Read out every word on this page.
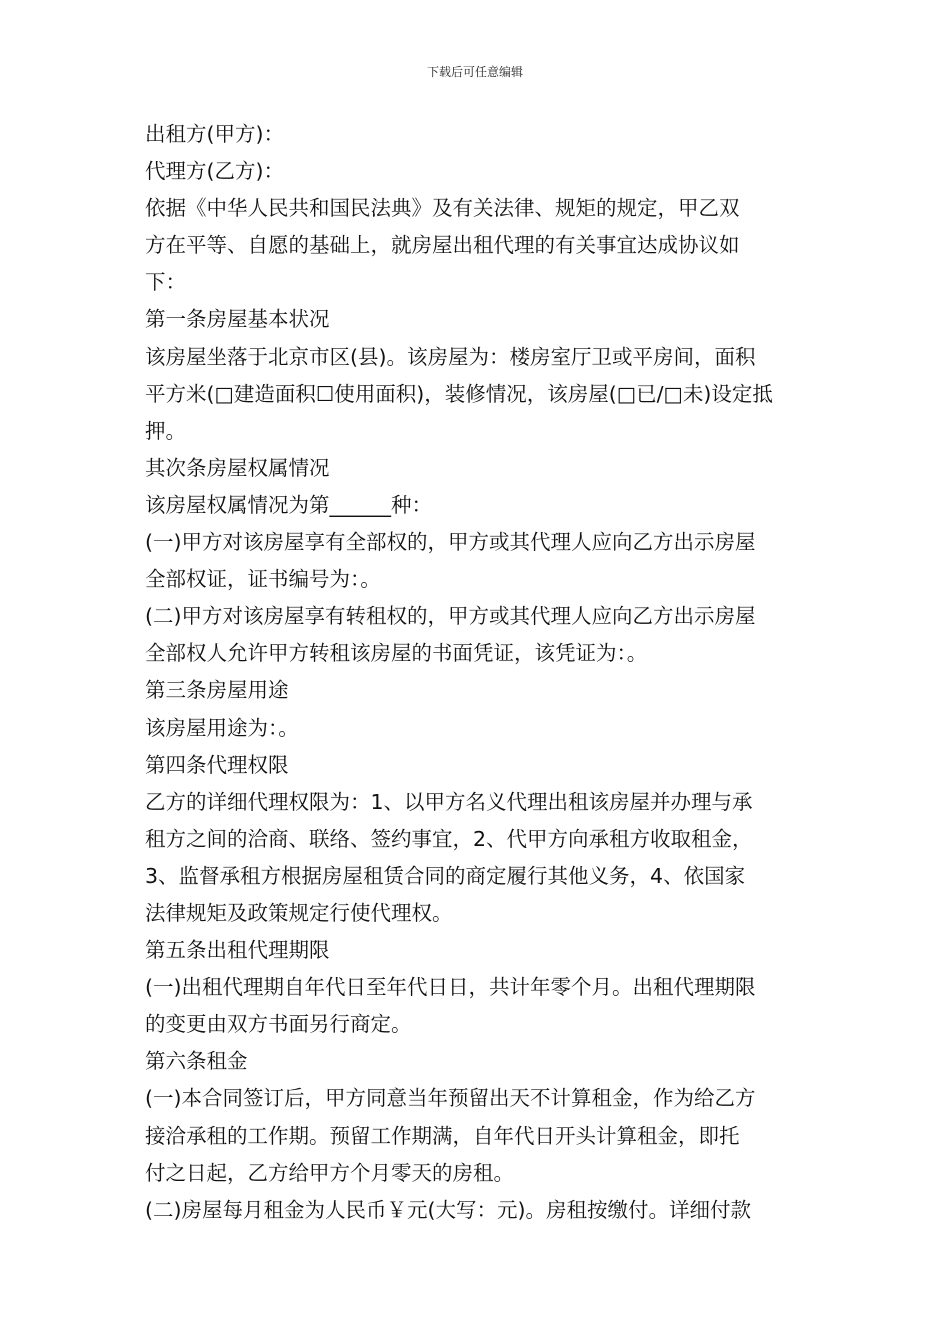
下载后可任意编辑
出租方(甲方)：
代理方(乙方)：
依据《中华人民共和国民法典》及有关法律、规矩的规定，甲乙双
方在平等、自愿的基础上，就房屋出租代理的有关事宜达成协议如
下：
第一条房屋基本状况
该房屋坐落于北京市区(县)。该房屋为：楼房室厅卫或平房间，面积
平方米(□建造面积☐使用面积)，装修情况，该房屋(□已/□未)设定抵
押。
其次条房屋权属情况
该房屋权属情况为第______种：
(一)甲方对该房屋享有全部权的，甲方或其代理人应向乙方出示房屋
全部权证，证书编号为：。
(二)甲方对该房屋享有转租权的，甲方或其代理人应向乙方出示房屋
全部权人允许甲方转租该房屋的书面凭证，该凭证为：。
第三条房屋用途
该房屋用途为：。
第四条代理权限
乙方的详细代理权限为：1、以甲方名义代理出租该房屋并办理与承
租方之间的洽商、联络、签约事宜，2、代甲方向承租方收取租金，
3、监督承租方根据房屋租赁合同的商定履行其他义务，4、依国家
法律规矩及政策规定行使代理权。
第五条出租代理期限
(一)出租代理期自年代日至年代日日，共计年零个月。出租代理期限
的变更由双方书面另行商定。
第六条租金
(一)本合同签订后，甲方同意当年预留出天不计算租金，作为给乙方
接洽承租的工作期。预留工作期满，自年代日开头计算租金，即托
付之日起，乙方给甲方个月零天的房租。
(二)房屋每月租金为人民币￥元(大写：元)。房租按缴付。详细付款
